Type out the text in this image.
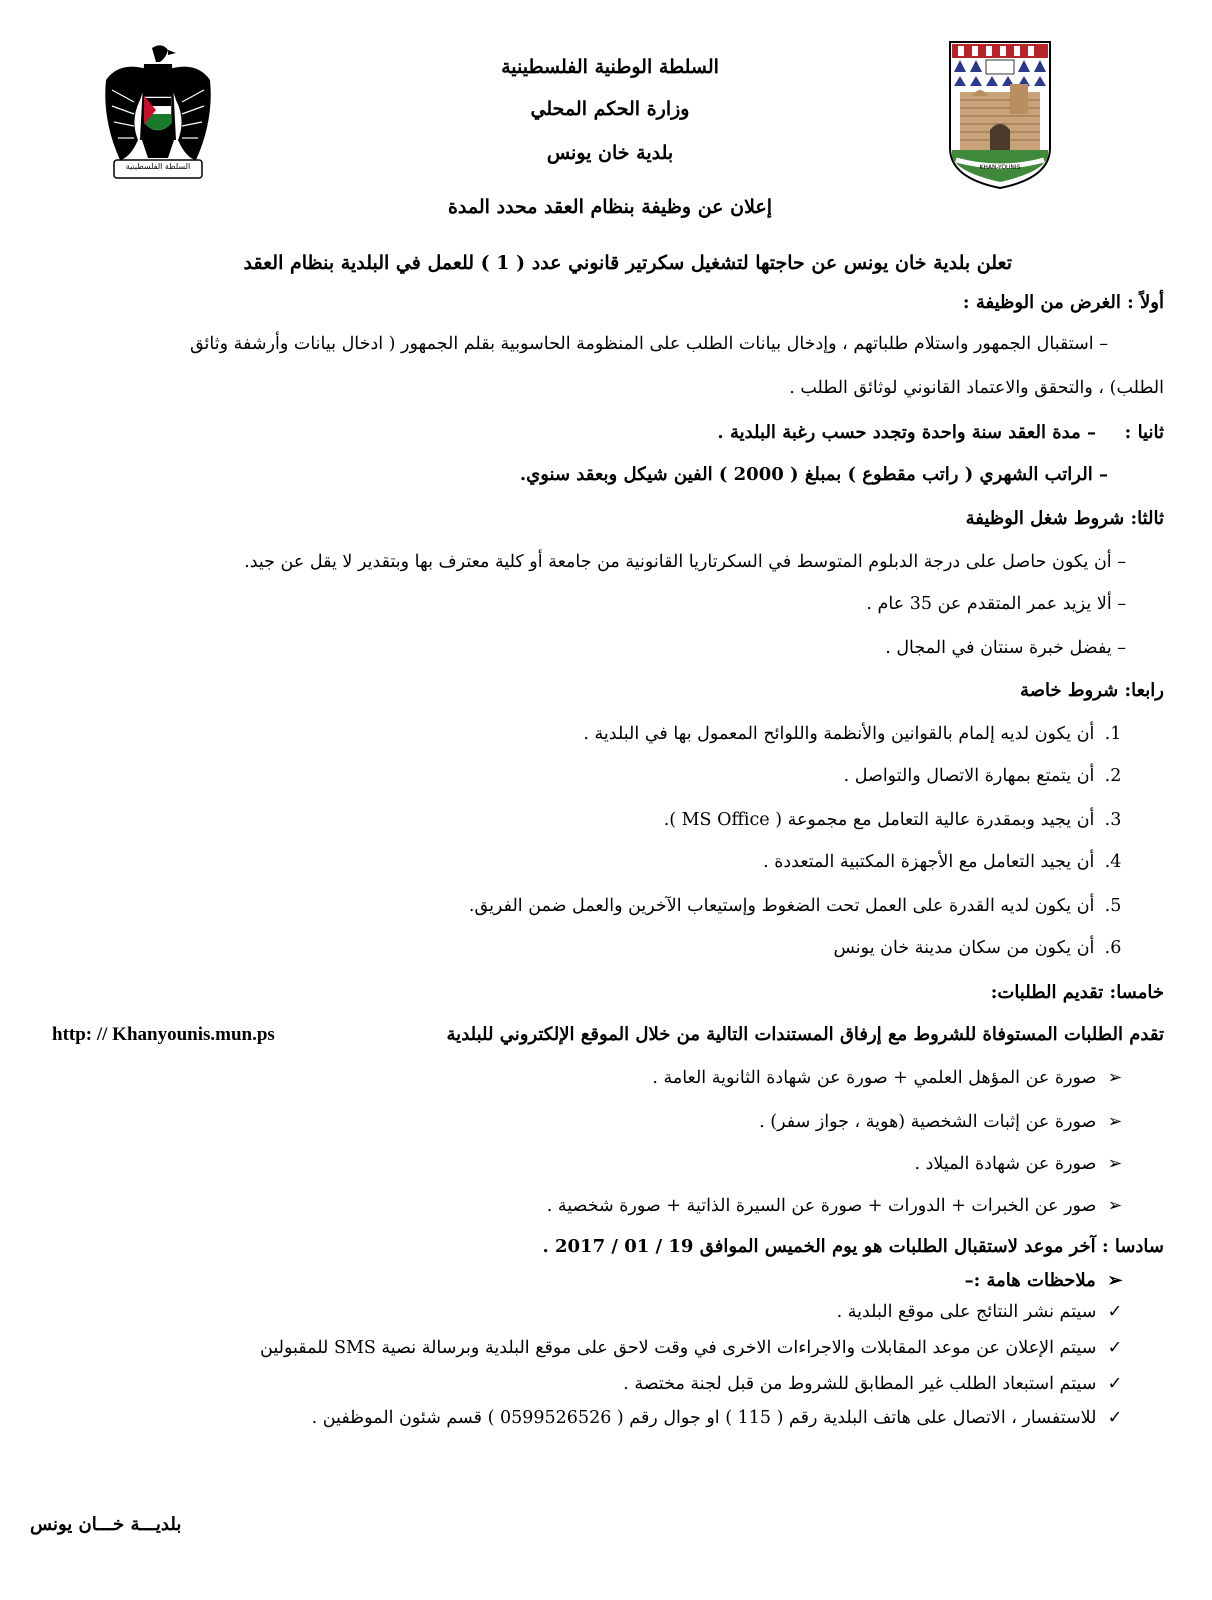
السلطة الفلسطينية	KHAN-YOUNIS
السلطة الوطنية الفلسطينية
وزارة الحكم المحلي
بلدية خان يونس
إعلان عن وظيفة بنظام العقد محدد المدة
تعلن بلدية خان يونس عن حاجتها لتشغيل سكرتير قانوني عدد ( 1 ) للعمل في البلدية بنظام العقد
أولاً : الغرض من الوظيفة :
– استقبال الجمهور واستلام طلباتهم ، وإدخال بيانات الطلب على المنظومة الحاسوبية بقلم الجمهور ( ادخال بيانات وأرشفة وثائق
الطلب) ، والتحقق والاعتماد القانوني لوثائق الطلب .
ثانيا :
– مدة العقد سنة واحدة وتجدد حسب رغبة البلدية .
– الراتب الشهري ( راتب مقطوع ) بمبلغ ( 2000 ) الفين شيكل وبعقد سنوي.
ثالثا: شروط شغل الوظيفة
– أن يكون حاصل على درجة الدبلوم المتوسط في السكرتاريا القانونية من جامعة أو كلية معترف بها وبتقدير لا يقل عن جيد.
– ألا يزيد عمر المتقدم عن 35 عام .
– يفضل خبرة سنتان في المجال .
رابعا: شروط خاصة
1. أن يكون لديه إلمام بالقوانين والأنظمة واللوائح المعمول بها في البلدية .
2. أن يتمتع بمهارة الاتصال والتواصل .
3. أن يجيد وبمقدرة عالية التعامل مع مجموعة ( MS Office ).
4. أن يجيد التعامل مع الأجهزة المكتبية المتعددة .
5. أن يكون لديه القدرة على العمل تحت الضغوط وإستيعاب الآخرين والعمل ضمن الفريق.
6. أن يكون من سكان مدينة خان يونس
خامسا: تقديم الطلبات:
تقدم الطلبات المستوفاة للشروط مع إرفاق المستندات التالية من خلال الموقع الإلكتروني للبلدية
http: // Khanyounis.mun.ps
➢ صورة عن المؤهل العلمي + صورة عن شهادة الثانوية العامة .
➢ صورة عن إثبات الشخصية (هوية ، جواز سفر) .
➢ صورة عن شهادة الميلاد .
➢ صور عن الخبرات + الدورات + صورة عن السيرة الذاتية + صورة شخصية .
سادسا : آخر موعد لاستقبال الطلبات هو يوم الخميس الموافق 19 / 01 / 2017 .
➢ ملاحظات هامة :–
✓ سيتم نشر النتائج على موقع البلدية .
✓ سيتم الإعلان عن موعد المقابلات والاجراءات الاخرى في وقت لاحق على موقع البلدية وبرسالة نصية SMS للمقبولين
✓ سيتم استبعاد الطلب غير المطابق للشروط من قبل لجنة مختصة .
✓ للاستفسار ، الاتصال على هاتف البلدية رقم ( 115 ) او جوال رقم ( 0599526526 ) قسم شئون الموظفين .
بلديـــة خـــان يونس
